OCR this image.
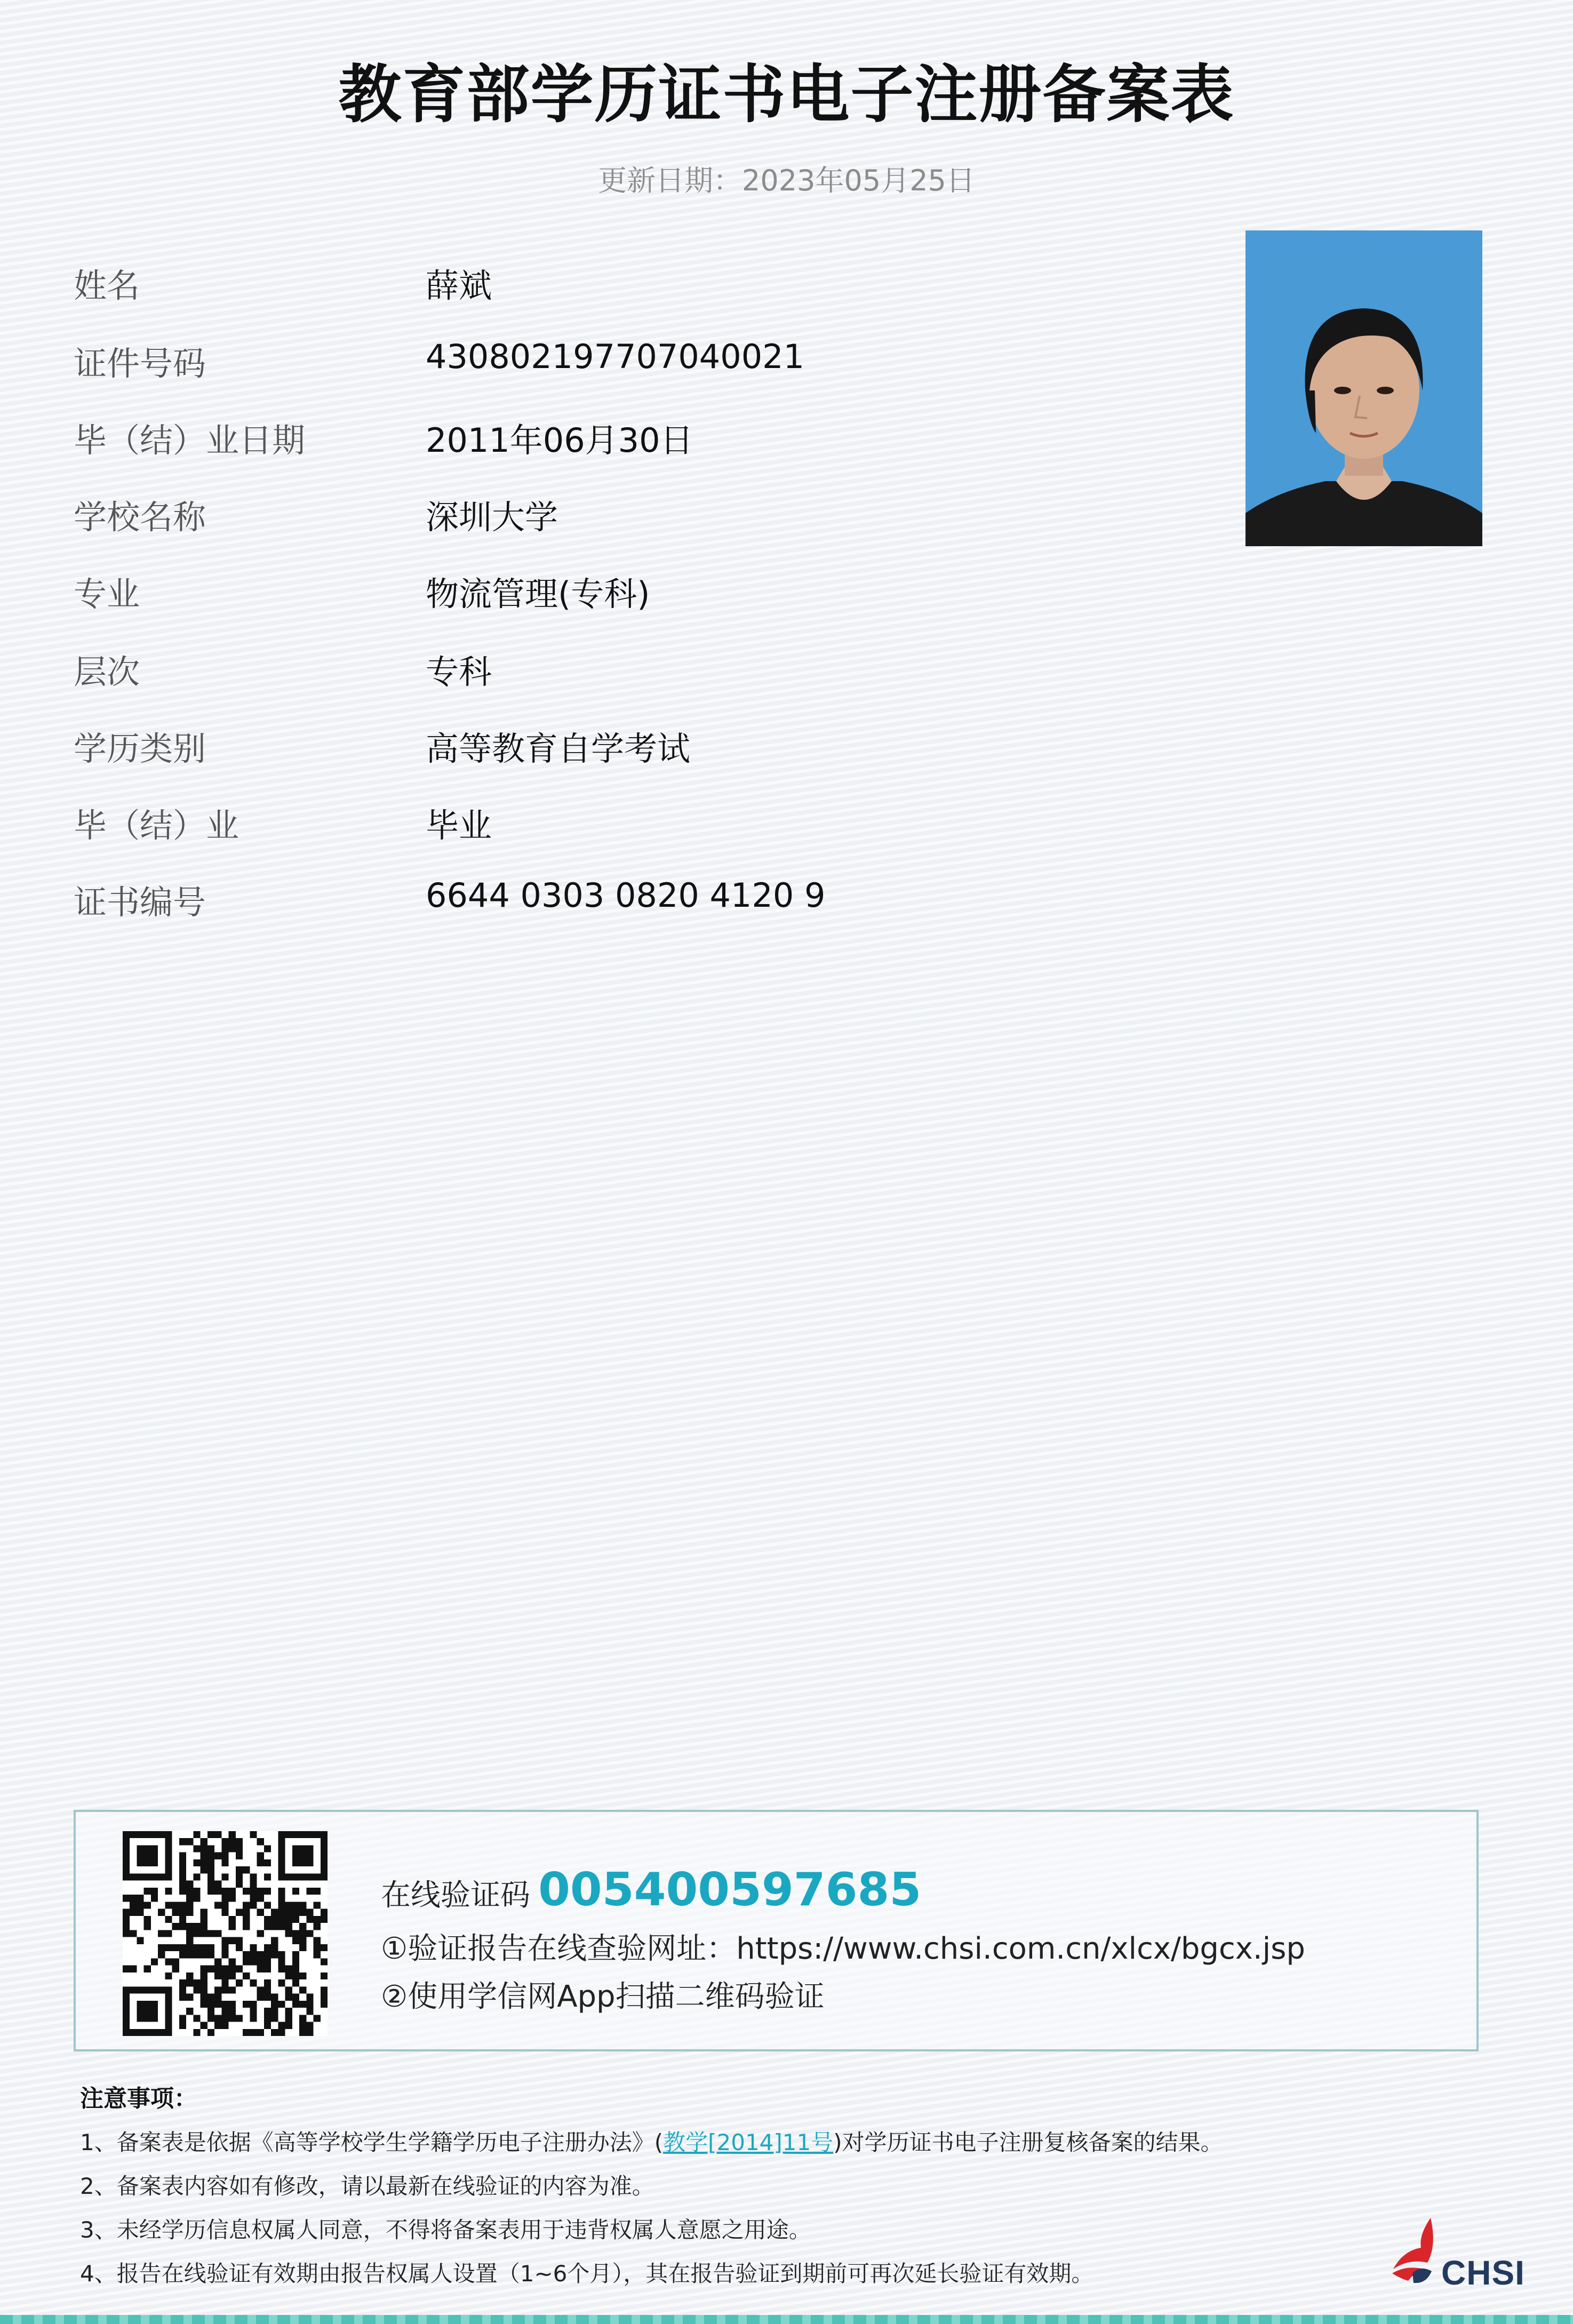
教育部学历证书电子注册备案表
更新日期：2023年05月25日
姓名	薛斌
证件号码	430802197707040021
毕（结）业日期	2011年06月30日
学校名称	深圳大学
专业	物流管理(专科)
层次	专科
学历类别	高等教育自学考试
毕（结）业	毕业
证书编号	6644 0303 0820 4120 9
在线验证码 005400597685
①验证报告在线查验网址：https://www.chsi.com.cn/xlcx/bgcx.jsp
②使用学信网App扫描二维码验证
注意事项：
1、备案表是依据《高等学校学生学籍学历电子注册办法》(教学[2014]11号)对学历证书电子注册复核备案的结果。
2、备案表内容如有修改，请以最新在线验证的内容为准。
3、未经学历信息权属人同意，不得将备案表用于违背权属人意愿之用途。
4、报告在线验证有效期由报告权属人设置（1~6个月），其在报告验证到期前可再次延长验证有效期。	CHSI
